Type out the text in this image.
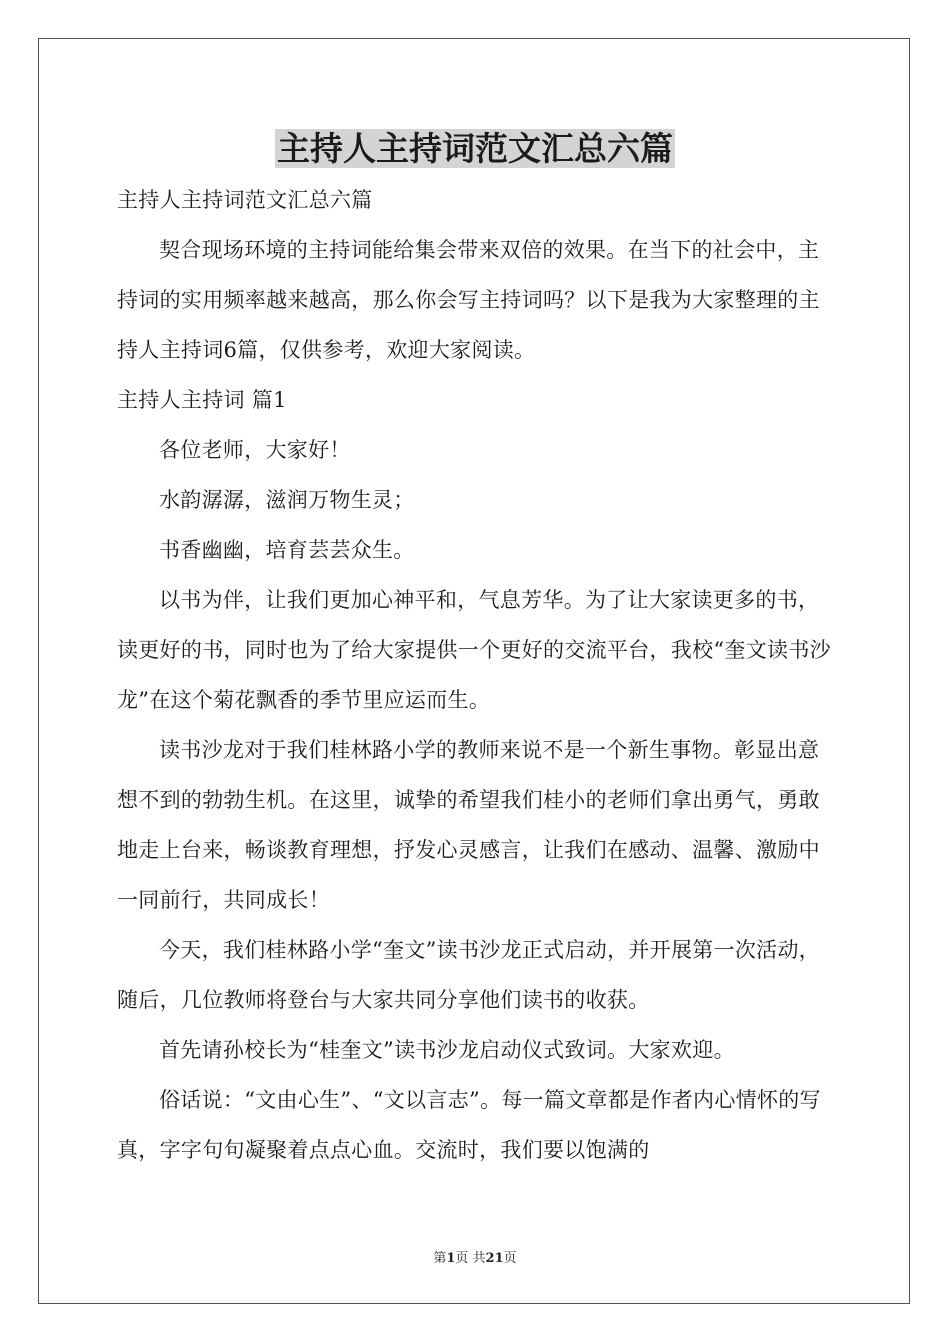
主持人主持词范文汇总六篇

主持人主持词范文汇总六篇

契合现场环境的主持词能给集会带来双倍的效果。在当下的社会中，主持词的实用频率越来越高，那么你会写主持词吗？以下是我为大家整理的主持人主持词6篇，仅供参考，欢迎大家阅读。

主持人主持词 篇1

各位老师，大家好！

水韵潺潺，滋润万物生灵；

书香幽幽，培育芸芸众生。

以书为伴，让我们更加心神平和，气息芳华。为了让大家读更多的书，读更好的书，同时也为了给大家提供一个更好的交流平台，我校“奎文读书沙龙”在这个菊花飘香的季节里应运而生。

读书沙龙对于我们桂林路小学的教师来说不是一个新生事物。彰显出意想不到的勃勃生机。在这里，诚挚的希望我们桂小的老师们拿出勇气，勇敢地走上台来，畅谈教育理想，抒发心灵感言，让我们在感动、温馨、激励中一同前行，共同成长！

今天，我们桂林路小学“奎文”读书沙龙正式启动，并开展第一次活动，随后，几位教师将登台与大家共同分享他们读书的收获。

首先请孙校长为“桂奎文”读书沙龙启动仪式致词。大家欢迎。

俗话说：“文由心生”、“文以言志”。每一篇文章都是作者内心情怀的写真，字字句句凝聚着点点心血。交流时，我们要以饱满的

第1页 共21页
